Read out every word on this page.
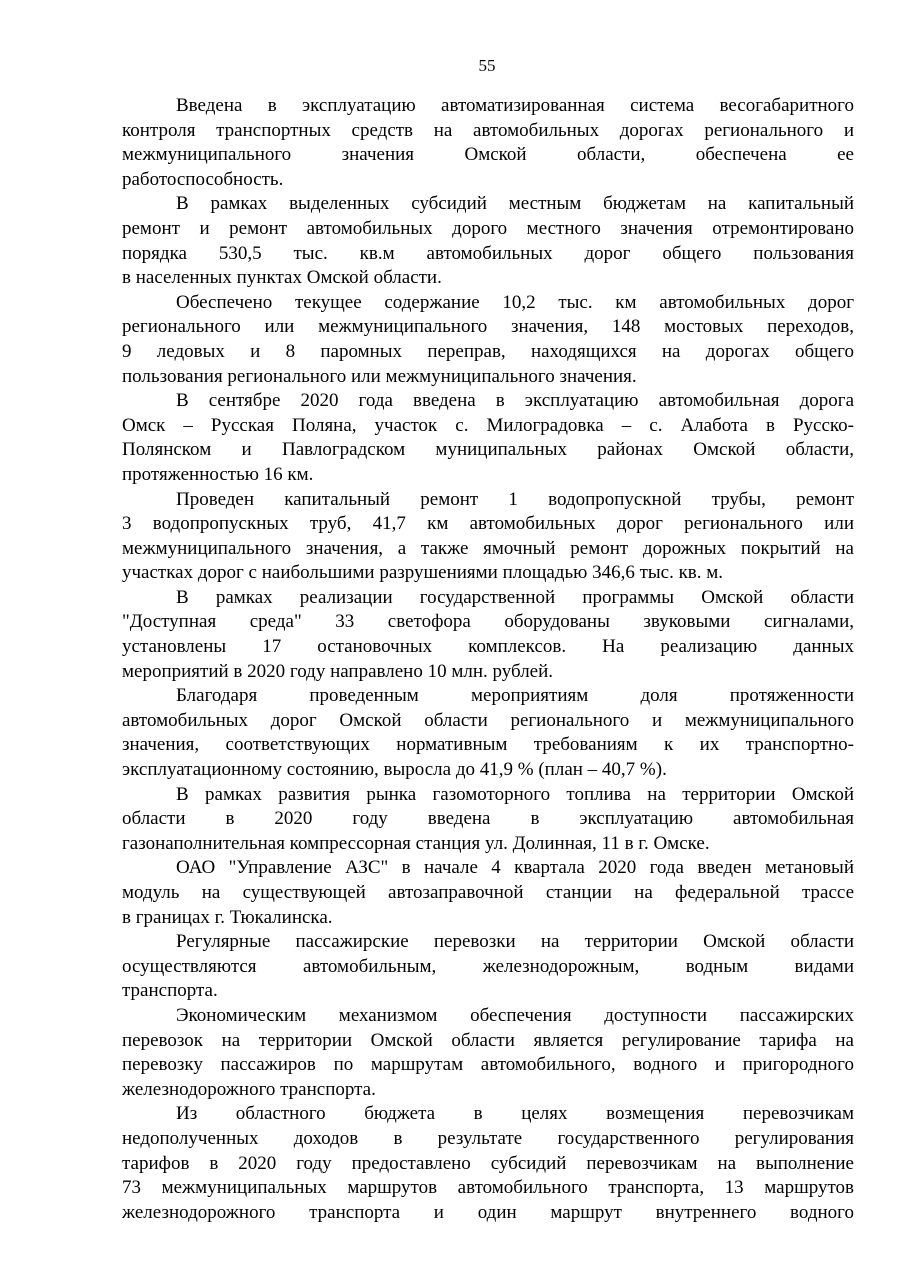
55

Введена в эксплуатацию автоматизированная система весогабаритного
контроля транспортных средств на автомобильных дорогах регионального и
межмуниципального значения Омской области, обеспечена ее
работоспособность.

В рамках выделенных субсидий местным бюджетам на капитальный
ремонт и ремонт автомобильных дорого местного значения отремонтировано
порядка 530,5 тыс. кв.м автомобильных дорог общего пользования
в населенных пунктах Омской области.

Обеспечено текущее содержание 10,2 тыс. км автомобильных дорог
регионального или межмуниципального значения, 148 мостовых переходов,
9 ледовых и 8 паромных переправ, находящихся на дорогах общего
пользования регионального или межмуниципального значения.

В сентябре 2020 года введена в эксплуатацию автомобильная дорога
Омск – Русская Поляна, участок с. Милоградовка – с. Алабота в Русско-
Полянском и Павлоградском муниципальных районах Омской области,
протяженностью 16 км.

Проведен капитальный ремонт 1 водопропускной трубы, ремонт
3 водопропускных труб, 41,7 км автомобильных дорог регионального или
межмуниципального значения, а также ямочный ремонт дорожных покрытий на
участках дорог с наибольшими разрушениями площадью 346,6 тыс. кв. м.

В рамках реализации государственной программы Омской области
"Доступная среда" 33 светофора оборудованы звуковыми сигналами,
установлены 17 остановочных комплексов. На реализацию данных
мероприятий в 2020 году направлено 10 млн. рублей.

Благодаря проведенным мероприятиям доля протяженности
автомобильных дорог Омской области регионального и межмуниципального
значения, соответствующих нормативным требованиям к их транспортно-
эксплуатационному состоянию, выросла до 41,9 % (план – 40,7 %).

В рамках развития рынка газомоторного топлива на территории Омской
области в 2020 году введена в эксплуатацию автомобильная
газонаполнительная компрессорная станция ул. Долинная, 11 в г. Омске.

ОАО "Управление АЗС" в начале 4 квартала 2020 года введен метановый
модуль на существующей автозаправочной станции на федеральной трассе
в границах г. Тюкалинска.

Регулярные пассажирские перевозки на территории Омской области
осуществляются автомобильным, железнодорожным, водным видами
транспорта.

Экономическим механизмом обеспечения доступности пассажирских
перевозок на территории Омской области является регулирование тарифа на
перевозку пассажиров по маршрутам автомобильного, водного и пригородного
железнодорожного транспорта.

Из областного бюджета в целях возмещения перевозчикам
недополученных доходов в результате государственного регулирования
тарифов в 2020 году предоставлено субсидий перевозчикам на выполнение
73 межмуниципальных маршрутов автомобильного транспорта, 13 маршрутов
железнодорожного транспорта и один маршрут внутреннего водного
